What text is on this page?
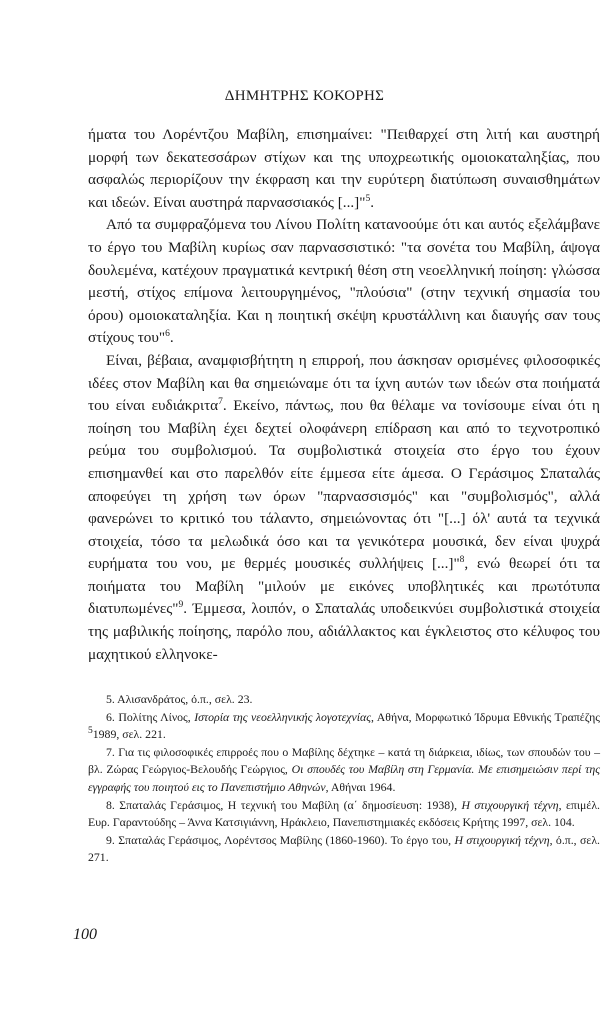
ΔΗΜΗΤΡΗΣ ΚΟΚΟΡΗΣ

ήματα του Λορέντζου Μαβίλη, επισημαίνει: "Πειθαρχεί στη λιτή και αυστηρή μορφή των δεκατεσσάρων στίχων και της υποχρεωτικής ομοιοκαταληξίας, που ασφαλώς περιορίζουν την έκφραση και την ευρύτερη διατύπωση συναισθημάτων και ιδεών. Είναι αυστηρά παρνασσιακός [...]"$^5$.

Από τα συμφραζόμενα του Λίνου Πολίτη κατανοούμε ότι και αυτός εξελάμβανε το έργο του Μαβίλη κυρίως σαν παρνασσιστικό: "τα σονέτα του Μαβίλη, άψογα δουλεμένα, κατέχουν πραγματικά κεντρική θέση στη νεοελληνική ποίηση: γλώσσα μεστή, στίχος επίμονα λειτουργημένος, "πλούσια" (στην τεχνική σημασία του όρου) ομοιοκαταληξία. Και η ποιητική σκέψη κρυστάλλινη και διαυγής σαν τους στίχους του"$^6$.

Είναι, βέβαια, αναμφισβήτητη η επιρροή, που άσκησαν ορισμένες φιλοσοφικές ιδέες στον Μαβίλη και θα σημειώναμε ότι τα ίχνη αυτών των ιδεών στα ποιήματά του είναι ευδιάκριτα$^7$. Εκείνο, πάντως, που θα θέλαμε να τονίσουμε είναι ότι η ποίηση του Μαβίλη έχει δεχτεί ολοφάνερη επίδραση και από το τεχνοτροπικό ρεύμα του συμβολισμού. Τα συμβολιστικά στοιχεία στο έργο του έχουν επισημανθεί και στο παρελθόν είτε έμμεσα είτε άμεσα. Ο Γεράσιμος Σπαταλάς αποφεύγει τη χρήση των όρων "παρνασσισμός" και "συμβολισμός", αλλά φανερώνει το κριτικό του τάλαντο, σημειώνοντας ότι "[...] όλ' αυτά τα τεχνικά στοιχεία, τόσο τα μελωδικά όσο και τα γενικότερα μουσικά, δεν είναι ψυχρά ευρήματα του νου, με θερμές μουσικές συλλήψεις [...]"$^8$, ενώ θεωρεί ότι τα ποιήματα του Μαβίλη "μιλούν με εικόνες υποβλητικές και πρωτότυπα διατυπωμένες"$^9$. Έμμεσα, λοιπόν, ο Σπαταλάς υποδεικνύει συμβολιστικά στοιχεία της μαβιλικής ποίησης, παρόλο που, αδιάλλακτος και έγκλειστος στο κέλυφος του μαχητικού ελληνοκε-

5. Αλισανδράτος, ό.π., σελ. 23.

6. Πολίτης Λίνος, Ιστορία της νεοελληνικής λογοτεχνίας, Αθήνα, Μορφωτικό Ίδρυμα Εθνικής Τραπέζης $^5$1989, σελ. 221.

7. Για τις φιλοσοφικές επιρροές που ο Μαβίλης δέχτηκε – κατά τη διάρκεια, ιδίως, των σπουδών του – βλ. Ζώρας Γεώργιος-Βελουδής Γεώργιος, Οι σπουδές του Μαβίλη στη Γερμανία. Με επισημειώσιν περί της εγγραφής του ποιητού εις το Πανεπιστήμιο Αθηνών, Αθήναι 1964.

8. Σπαταλάς Γεράσιμος, Η τεχνική του Μαβίλη (α΄ δημοσίευση: 1938), Η στιχουργική τέχνη, επιμέλ. Ευρ. Γαραντούδης – Άννα Κατσιγιάννη, Ηράκλειο, Πανεπιστημιακές εκδόσεις Κρήτης 1997, σελ. 104.

9. Σπαταλάς Γεράσιμος, Λορέντσος Μαβίλης (1860-1960). Το έργο του, Η στιχουργική τέχνη, ό.π., σελ. 271.

100
